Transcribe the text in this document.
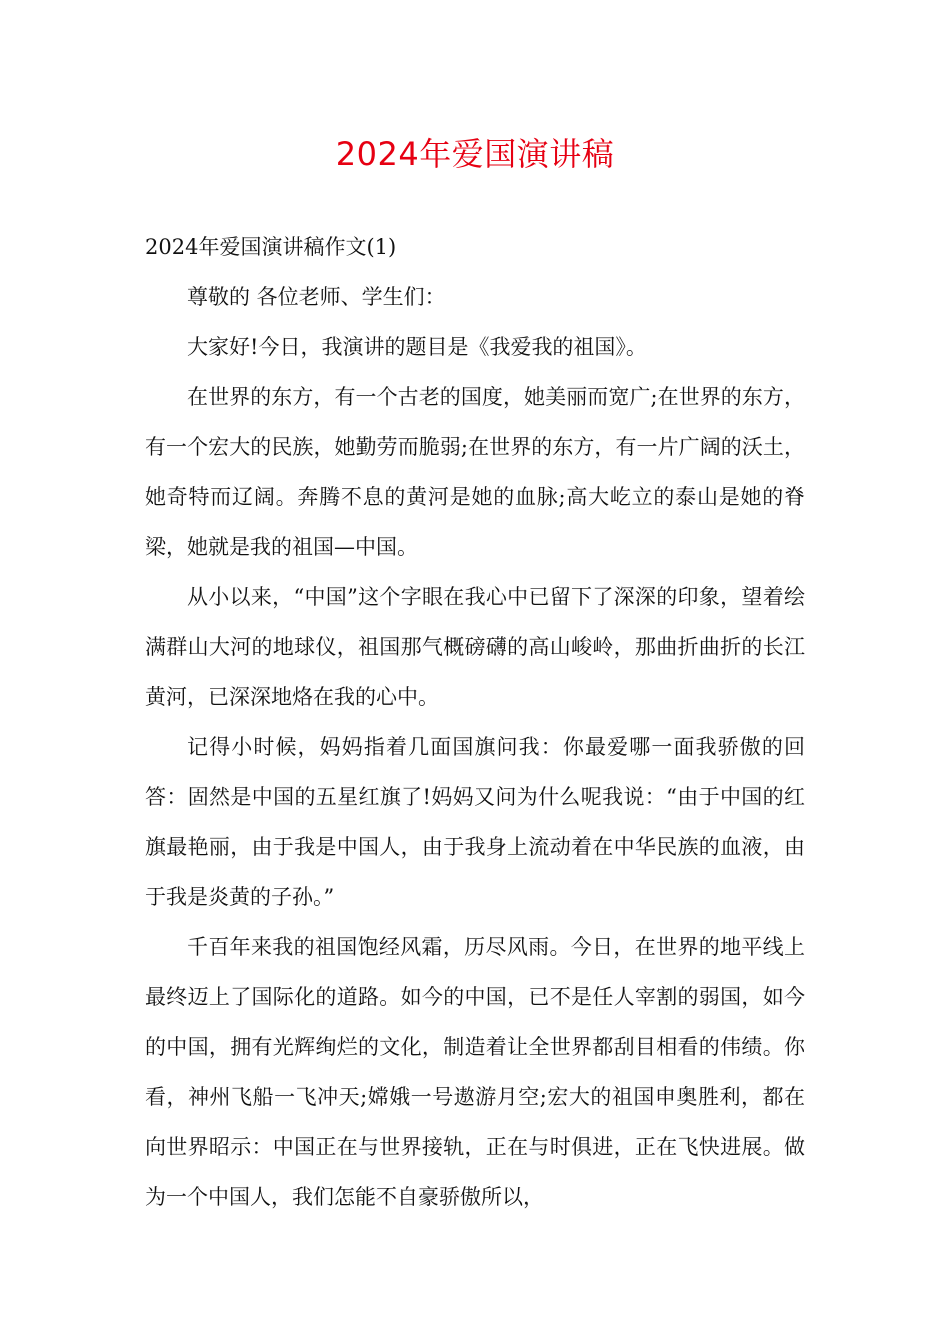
2024年爱国演讲稿

2024年爱国演讲稿作文(1)

尊敬的 各位老师、学生们：

大家好!今日，我演讲的题目是《我爱我的祖国》。

在世界的东方，有一个古老的国度，她美丽而宽广;在世界的东方，有一个宏大的民族，她勤劳而脆弱;在世界的东方，有一片广阔的沃土，她奇特而辽阔。奔腾不息的黄河是她的血脉;高大屹立的泰山是她的脊梁，她就是我的祖国—中国。

从小以来，“中国”这个字眼在我心中已留下了深深的印象，望着绘满群山大河的地球仪，祖国那气概磅礴的高山峻岭，那曲折曲折的长江黄河，已深深地烙在我的心中。

记得小时候，妈妈指着几面国旗问我：你最爱哪一面我骄傲的回答：固然是中国的五星红旗了!妈妈又问为什么呢我说：“由于中国的红旗最艳丽，由于我是中国人，由于我身上流动着在中华民族的血液，由于我是炎黄的子孙。”

千百年来我的祖国饱经风霜，历尽风雨。今日，在世界的地平线上最终迈上了国际化的道路。如今的中国，已不是任人宰割的弱国，如今的中国，拥有光辉绚烂的文化，制造着让全世界都刮目相看的伟绩。你看，神州飞船一飞冲天;嫦娥一号遨游月空;宏大的祖国申奥胜利，都在向世界昭示：中国正在与世界接轨，正在与时俱进，正在飞快进展。做为一个中国人，我们怎能不自豪骄傲所以，
